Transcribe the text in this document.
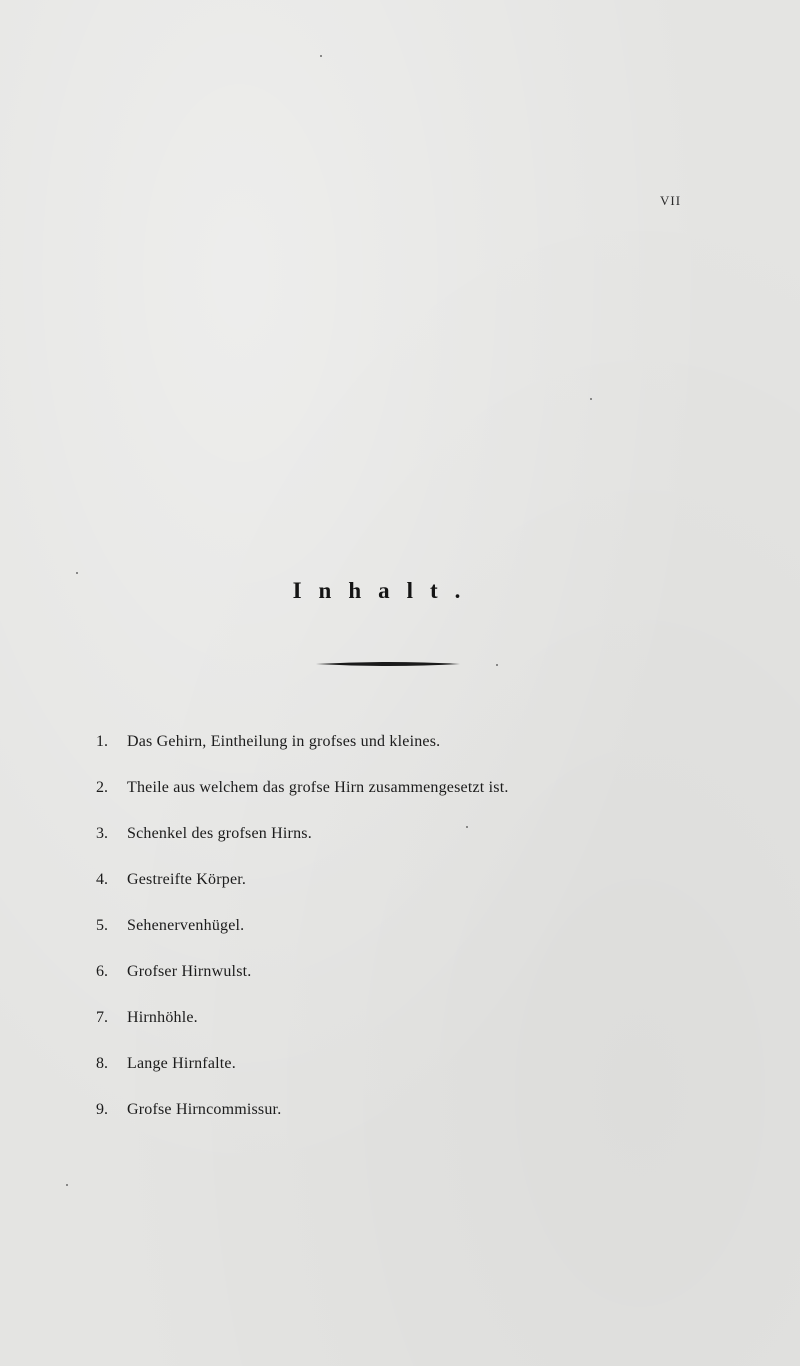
VII
Inhalt.
1.	Das Gehirn, Eintheilung in grofses und kleines.
2.	Theile aus welchem das grofse Hirn zusammengesetzt ist.
3.	Schenkel des grofsen Hirns.
4.	Gestreifte Körper.
5.	Sehenervenhügel.
6.	Grofser Hirnwulst.
7.	Hirnhöhle.
8.	Lange Hirnfalte.
9.	Grofse Hirncommissur.
